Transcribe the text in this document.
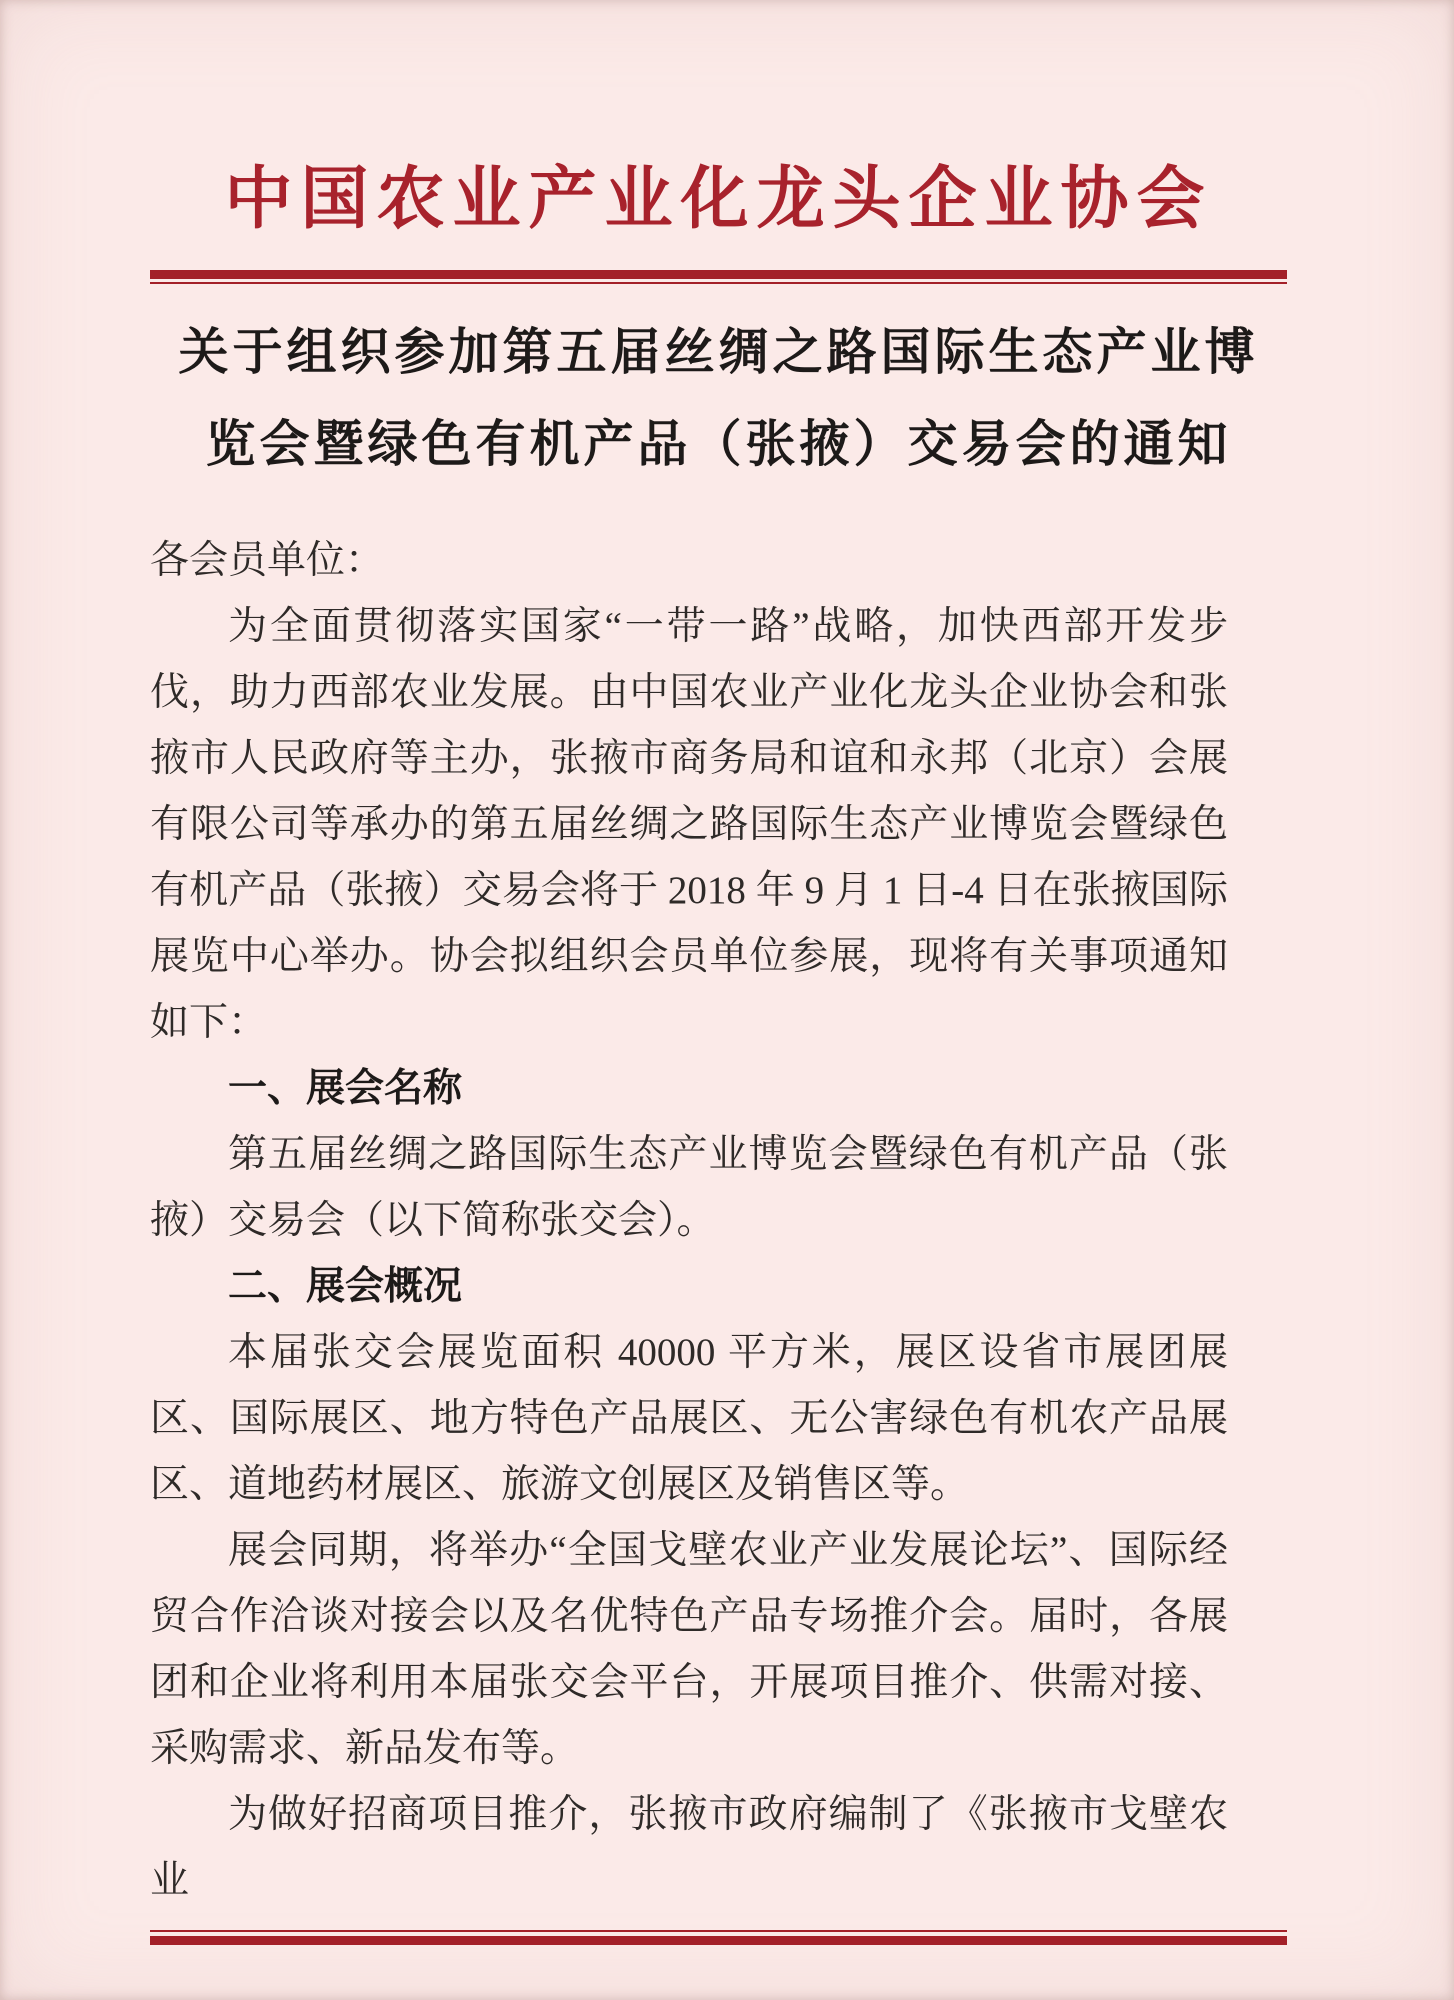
中国农业产业化龙头企业协会
关于组织参加第五届丝绸之路国际生态产业博
览会暨绿色有机产品（张掖）交易会的通知

各会员单位：

为全面贯彻落实国家“一带一路”战略，加快西部开发步伐，助力西部农业发展。由中国农业产业化龙头企业协会和张掖市人民政府等主办，张掖市商务局和谊和永邦（北京）会展有限公司等承办的第五届丝绸之路国际生态产业博览会暨绿色有机产品（张掖）交易会将于 2018 年 9 月 1 日-4 日在张掖国际展览中心举办。协会拟组织会员单位参展，现将有关事项通知如下：

一、展会名称

第五届丝绸之路国际生态产业博览会暨绿色有机产品（张掖）交易会（以下简称张交会）。

二、展会概况

本届张交会展览面积 40000 平方米，展区设省市展团展区、国际展区、地方特色产品展区、无公害绿色有机农产品展区、道地药材展区、旅游文创展区及销售区等。

展会同期，将举办“全国戈壁农业产业发展论坛”、国际经贸合作洽谈对接会以及名优特色产品专场推介会。届时，各展团和企业将利用本届张交会平台，开展项目推介、供需对接、采购需求、新品发布等。

为做好招商项目推介，张掖市政府编制了《张掖市戈壁农业
